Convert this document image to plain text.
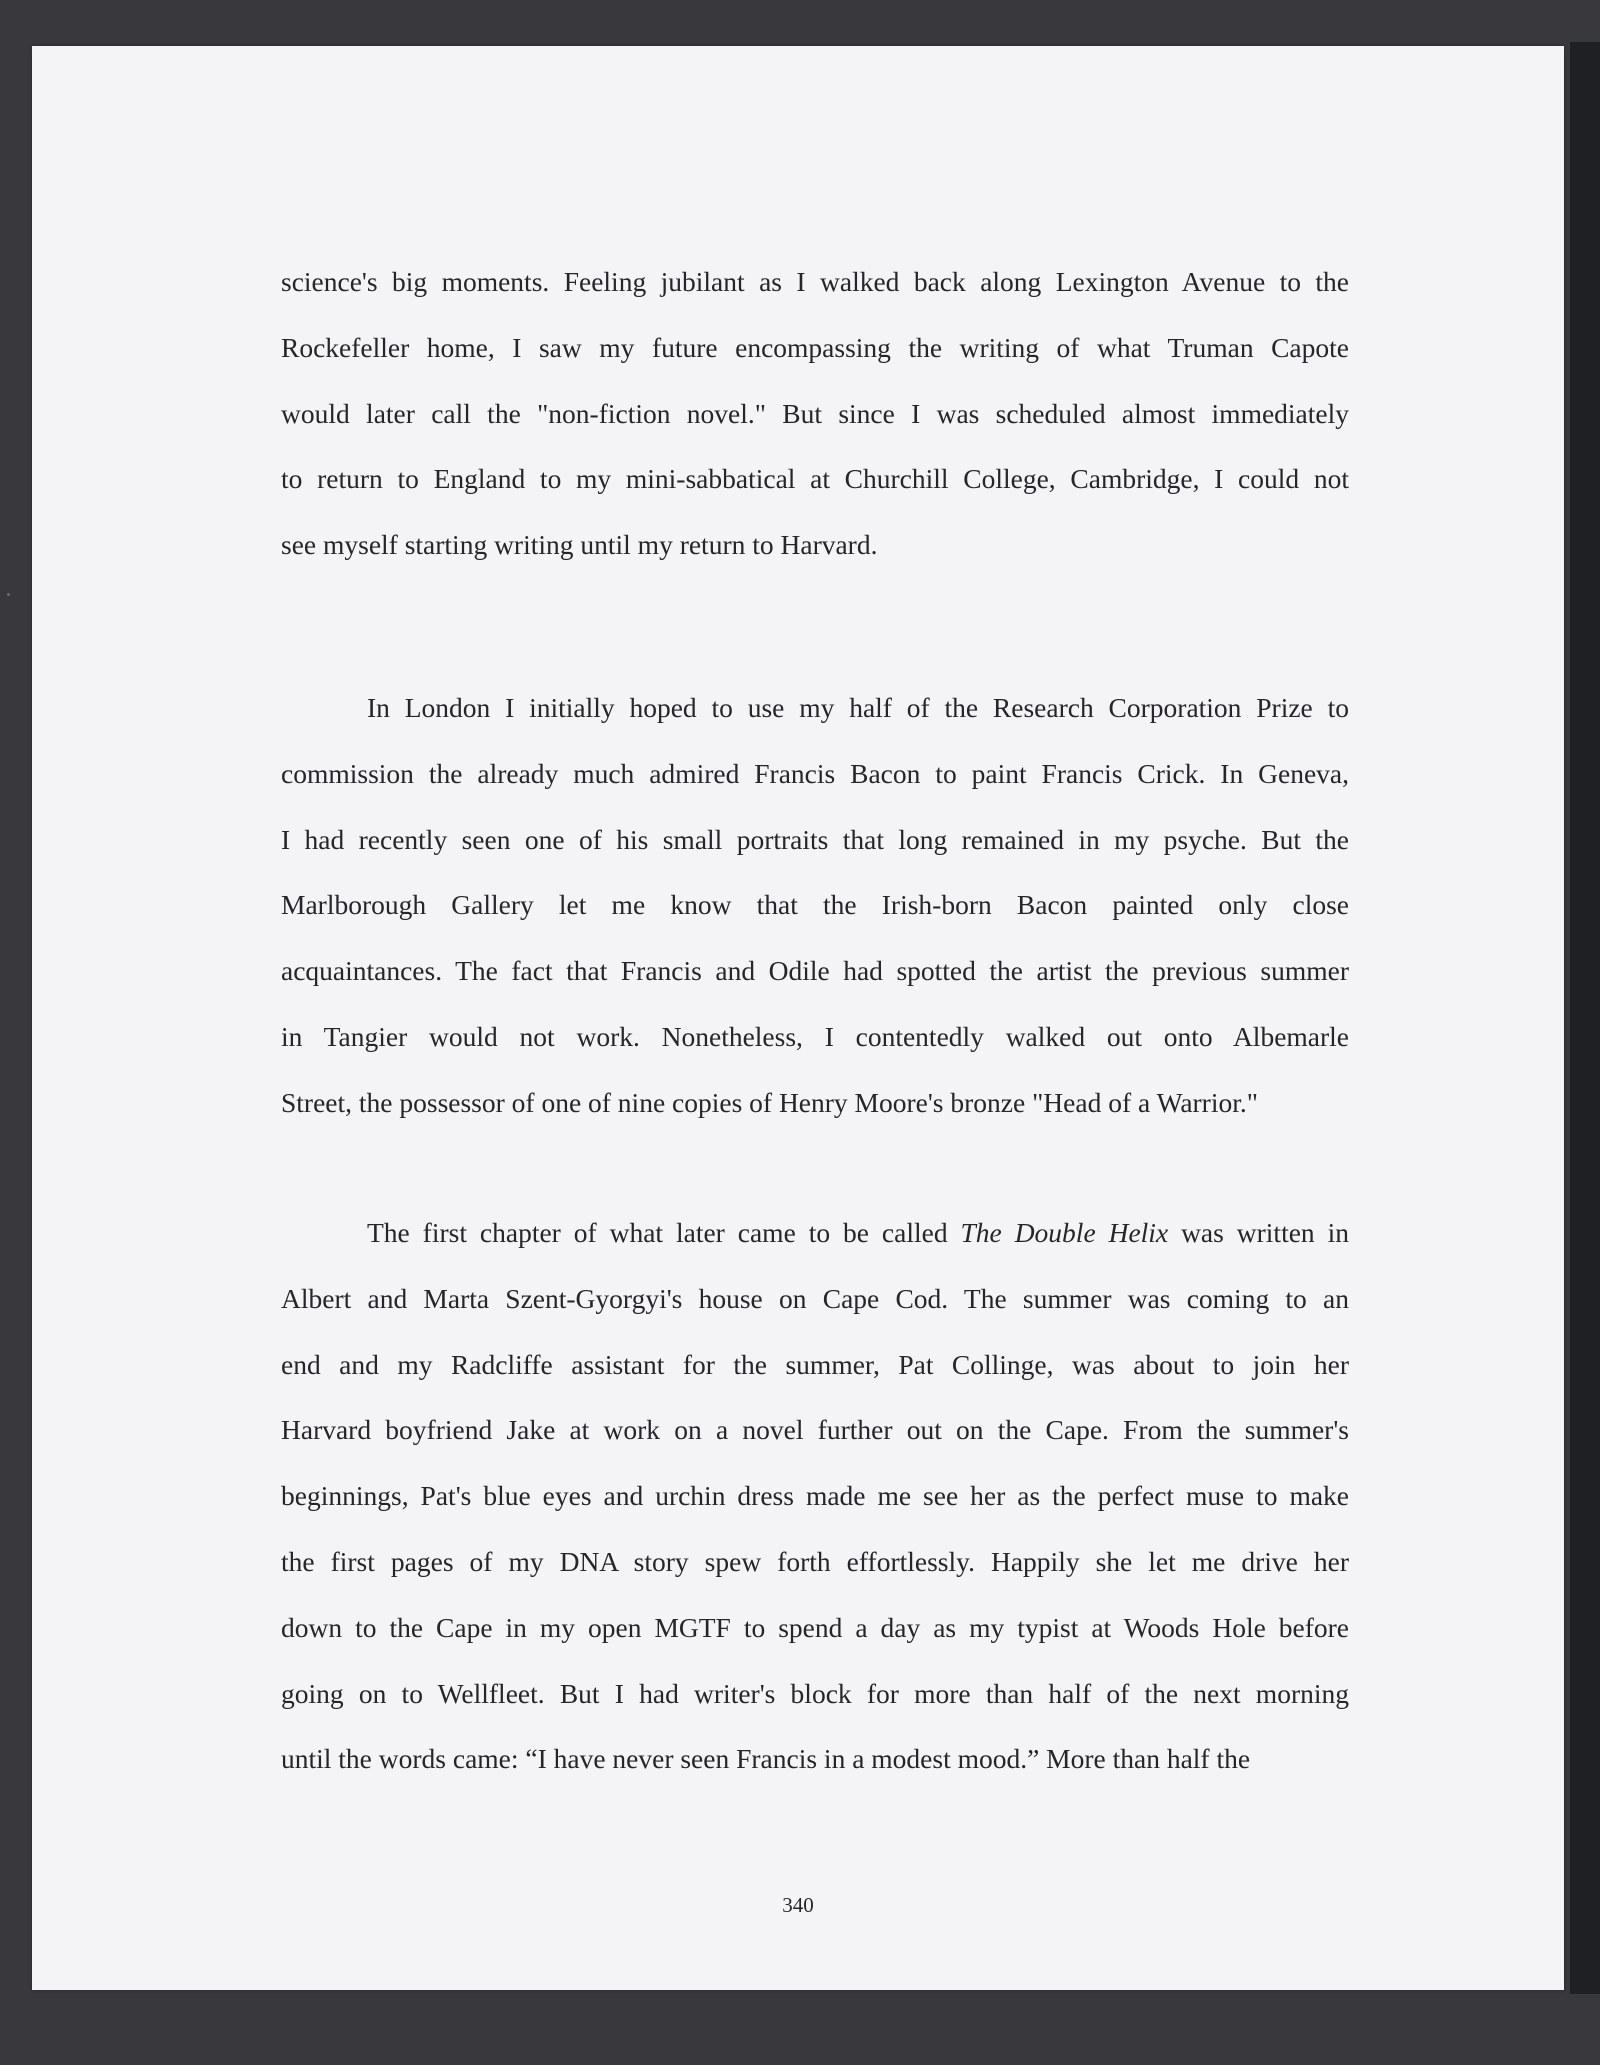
science's big moments. Feeling jubilant as I walked back along Lexington Avenue to the
Rockefeller home, I saw my future encompassing the writing of what Truman Capote
would later call the "non-fiction novel." But since I was scheduled almost immediately
to return to England to my mini-sabbatical at Churchill College, Cambridge, I could not
see myself starting writing until my return to Harvard.
In London I initially hoped to use my half of the Research Corporation Prize to
commission the already much admired Francis Bacon to paint Francis Crick. In Geneva,
I had recently seen one of his small portraits that long remained in my psyche. But the
Marlborough Gallery let me know that the Irish-born Bacon painted only close
acquaintances. The fact that Francis and Odile had spotted the artist the previous summer
in Tangier would not work. Nonetheless, I contentedly walked out onto Albemarle
Street, the possessor of one of nine copies of Henry Moore's bronze "Head of a Warrior."
The first chapter of what later came to be called The Double Helix was written in
Albert and Marta Szent-Gyorgyi's house on Cape Cod. The summer was coming to an
end and my Radcliffe assistant for the summer, Pat Collinge, was about to join her
Harvard boyfriend Jake at work on a novel further out on the Cape. From the summer's
beginnings, Pat's blue eyes and urchin dress made me see her as the perfect muse to make
the first pages of my DNA story spew forth effortlessly. Happily she let me drive her
down to the Cape in my open MGTF to spend a day as my typist at Woods Hole before
going on to Wellfleet. But I had writer's block for more than half of the next morning
until the words came: “I have never seen Francis in a modest mood.” More than half the
340
